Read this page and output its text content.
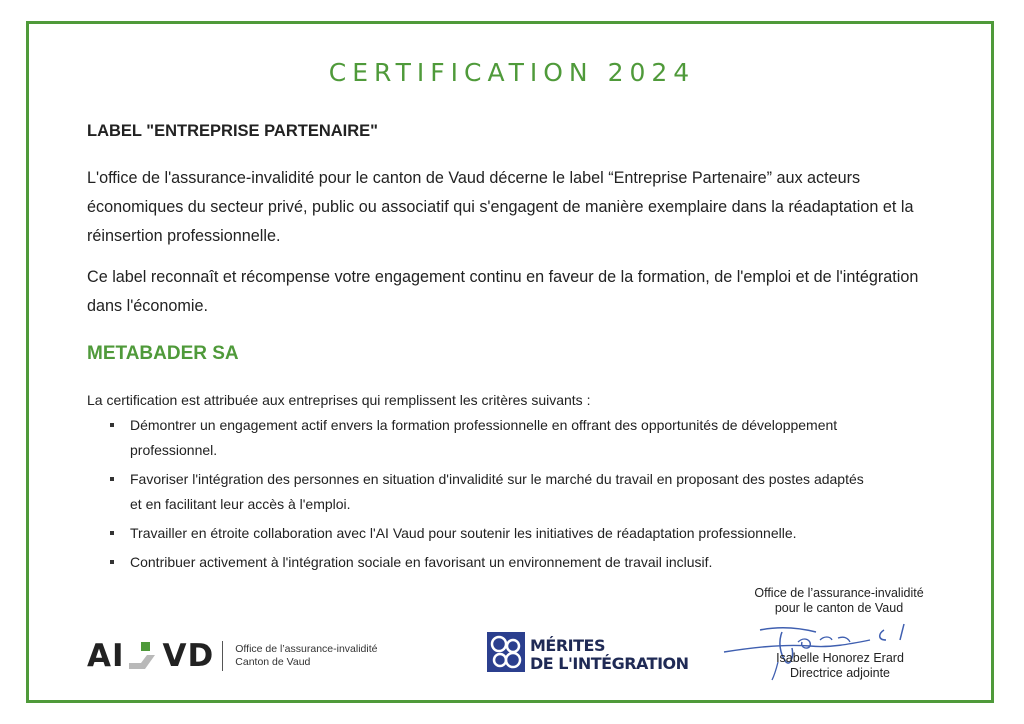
CERTIFICATION 2024
LABEL "ENTREPRISE PARTENAIRE"

L'office de l'assurance-invalidité pour le canton de Vaud décerne le label “Entreprise Partenaire” aux acteurs économiques du secteur privé, public ou associatif qui s'engagent de manière exemplaire dans la réadaptation et la réinsertion professionnelle.

Ce label reconnaît et récompense votre engagement continu en faveur de la formation, de l'emploi et de l'intégration dans l'économie.

METABADER SA
La certification est attribuée aux entreprises qui remplissent les critères suivants :
Démontrer un engagement actif envers la formation professionnelle en offrant des opportunités de développement professionnel.
Favoriser l'intégration des personnes en situation d'invalidité sur le marché du travail en proposant des postes adaptés et en facilitant leur accès à l'emploi.
Travailler en étroite collaboration avec l'AI Vaud pour soutenir les initiatives de réadaptation professionnelle.
Contribuer activement à l'intégration sociale en favorisant un environnement de travail inclusif.
AI VD Office de l’assurance-invalidité
Canton de Vaud
MÉRITES
DE L'INTÉGRATION
Office de l’assurance-invalidité
pour le canton de Vaud
Isabelle Honorez Erard
Directrice adjointe
